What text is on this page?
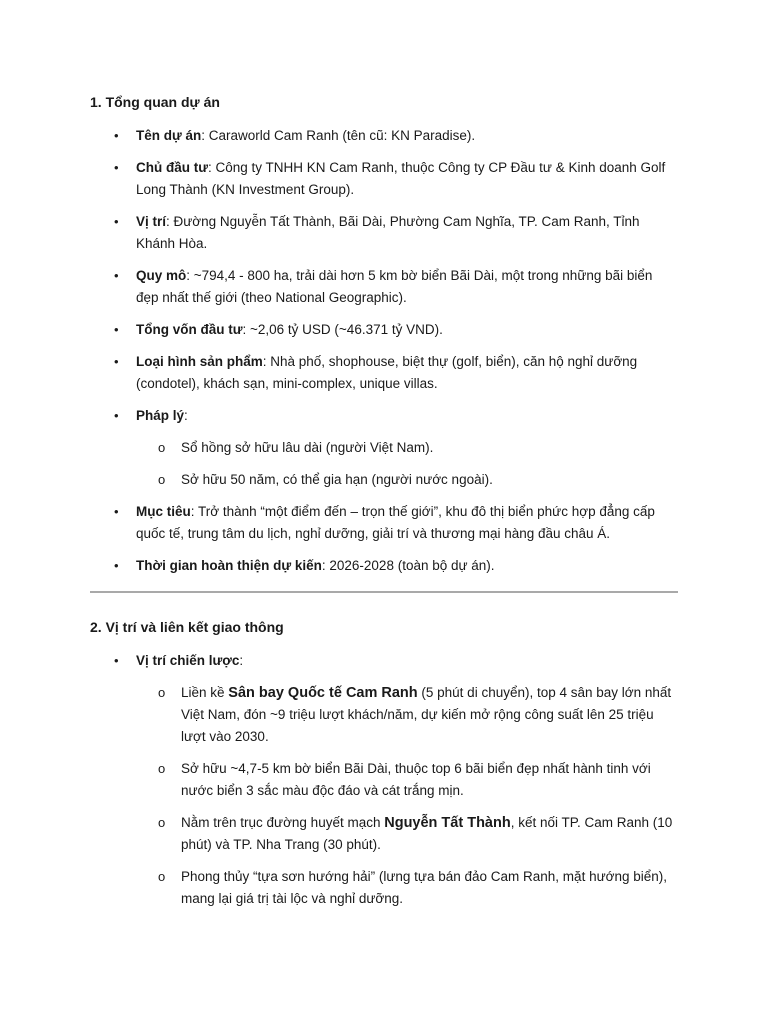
1. Tổng quan dự án
• Tên dự án: Caraworld Cam Ranh (tên cũ: KN Paradise).
• Chủ đầu tư: Công ty TNHH KN Cam Ranh, thuộc Công ty CP Đầu tư & Kinh doanh Golf Long Thành (KN Investment Group).
• Vị trí: Đường Nguyễn Tất Thành, Bãi Dài, Phường Cam Nghĩa, TP. Cam Ranh, Tỉnh Khánh Hòa.
• Quy mô: ~794,4 - 800 ha, trải dài hơn 5 km bờ biển Bãi Dài, một trong những bãi biển đẹp nhất thế giới (theo National Geographic).
• Tổng vốn đầu tư: ~2,06 tỷ USD (~46.371 tỷ VND).
• Loại hình sản phẩm: Nhà phố, shophouse, biệt thự (golf, biển), căn hộ nghỉ dưỡng (condotel), khách sạn, mini-complex, unique villas.
• Pháp lý:
o Sổ hồng sở hữu lâu dài (người Việt Nam).
o Sở hữu 50 năm, có thể gia hạn (người nước ngoài).
• Mục tiêu: Trở thành “một điểm đến – trọn thế giới”, khu đô thị biển phức hợp đẳng cấp quốc tế, trung tâm du lịch, nghỉ dưỡng, giải trí và thương mại hàng đầu châu Á.
• Thời gian hoàn thiện dự kiến: 2026-2028 (toàn bộ dự án).
2. Vị trí và liên kết giao thông
• Vị trí chiến lược:
o Liền kề Sân bay Quốc tế Cam Ranh (5 phút di chuyển), top 4 sân bay lớn nhất Việt Nam, đón ~9 triệu lượt khách/năm, dự kiến mở rộng công suất lên 25 triệu lượt vào 2030.
o Sở hữu ~4,7-5 km bờ biển Bãi Dài, thuộc top 6 bãi biển đẹp nhất hành tinh với nước biển 3 sắc màu độc đáo và cát trắng mịn.
o Nằm trên trục đường huyết mạch Nguyễn Tất Thành, kết nối TP. Cam Ranh (10 phút) và TP. Nha Trang (30 phút).
o Phong thủy “tựa sơn hướng hải” (lưng tựa bán đảo Cam Ranh, mặt hướng biển), mang lại giá trị tài lộc và nghỉ dưỡng.
